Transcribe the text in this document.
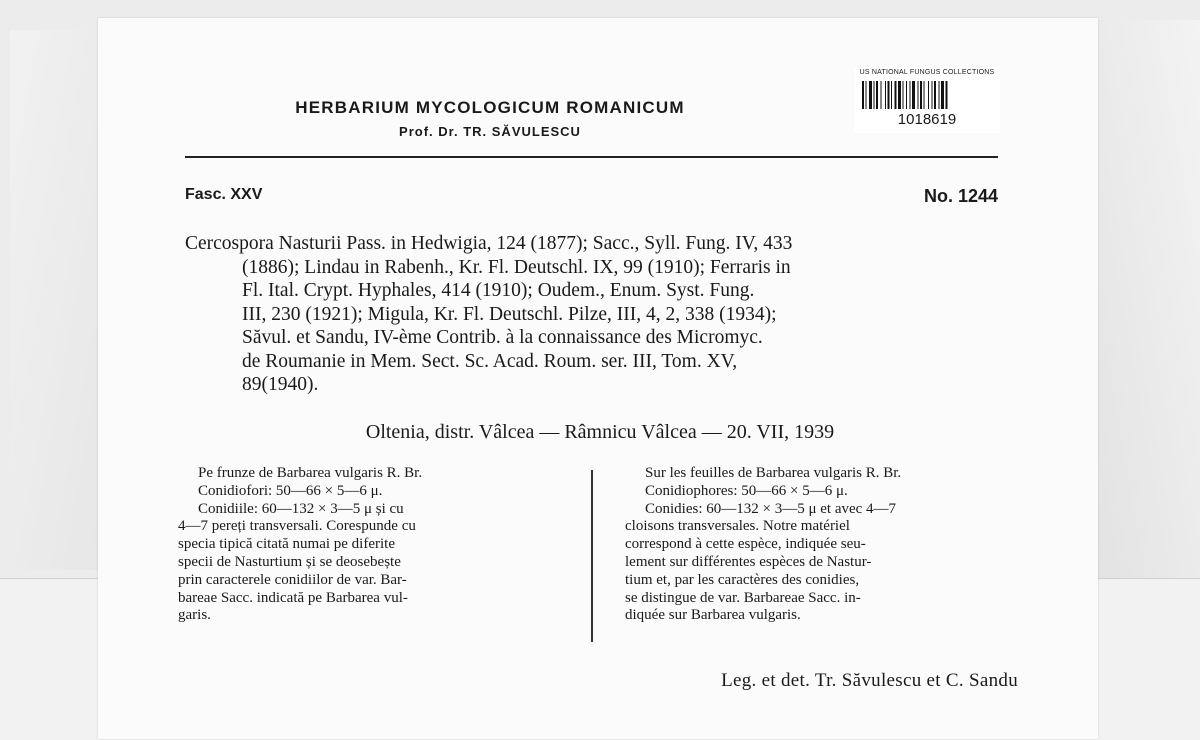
HERBARIUM MYCOLOGICUM ROMANICUM
Prof. Dr. TR. SĂVULESCU
US NATIONAL FUNGUS COLLECTIONS
1018619
Fasc. XXV	No. 1244
Cercospora Nasturii Pass. in Hedwigia, 124 (1877); Sacc., Syll. Fung. IV, 433
(1886); Lindau in Rabenh., Kr. Fl. Deutschl. IX, 99 (1910); Ferraris in
Fl. Ital. Crypt. Hyphales, 414 (1910); Oudem., Enum. Syst. Fung.
III, 230 (1921); Migula, Kr. Fl. Deutschl. Pilze, III, 4, 2, 338 (1934);
Săvul. et Sandu, IV-ème Contrib. à la connaissance des Micromyc.
de Roumanie in Mem. Sect. Sc. Acad. Roum. ser. III, Tom. XV,
89(1940).
Oltenia, distr. Vâlcea — Râmnicu Vâlcea — 20. VII, 1939
Pe frunze de Barbarea vulgaris R. Br.
Conidiofori: 50—66 × 5—6 μ.
Conidiile: 60—132 × 3—5 μ și cu
4—7 pereți transversali. Corespunde cu
specia tipică citată numai pe diferite
specii de Nasturtium și se deosebește
prin caracterele conidiilor de var. Bar-
bareae Sacc. indicată pe Barbarea vul-
garis.
Sur les feuilles de Barbarea vulgaris R. Br.
Conidiophores: 50—66 × 5—6 μ.
Conidies: 60—132 × 3—5 μ et avec 4—7
cloisons transversales. Notre matériel
correspond à cette espèce, indiquée seu-
lement sur différentes espèces de Nastur-
tium et, par les caractères des conidies,
se distingue de var. Barbareae Sacc. in-
diquée sur Barbarea vulgaris.
Leg. et det. Tr. Săvulescu et C. Sandu
